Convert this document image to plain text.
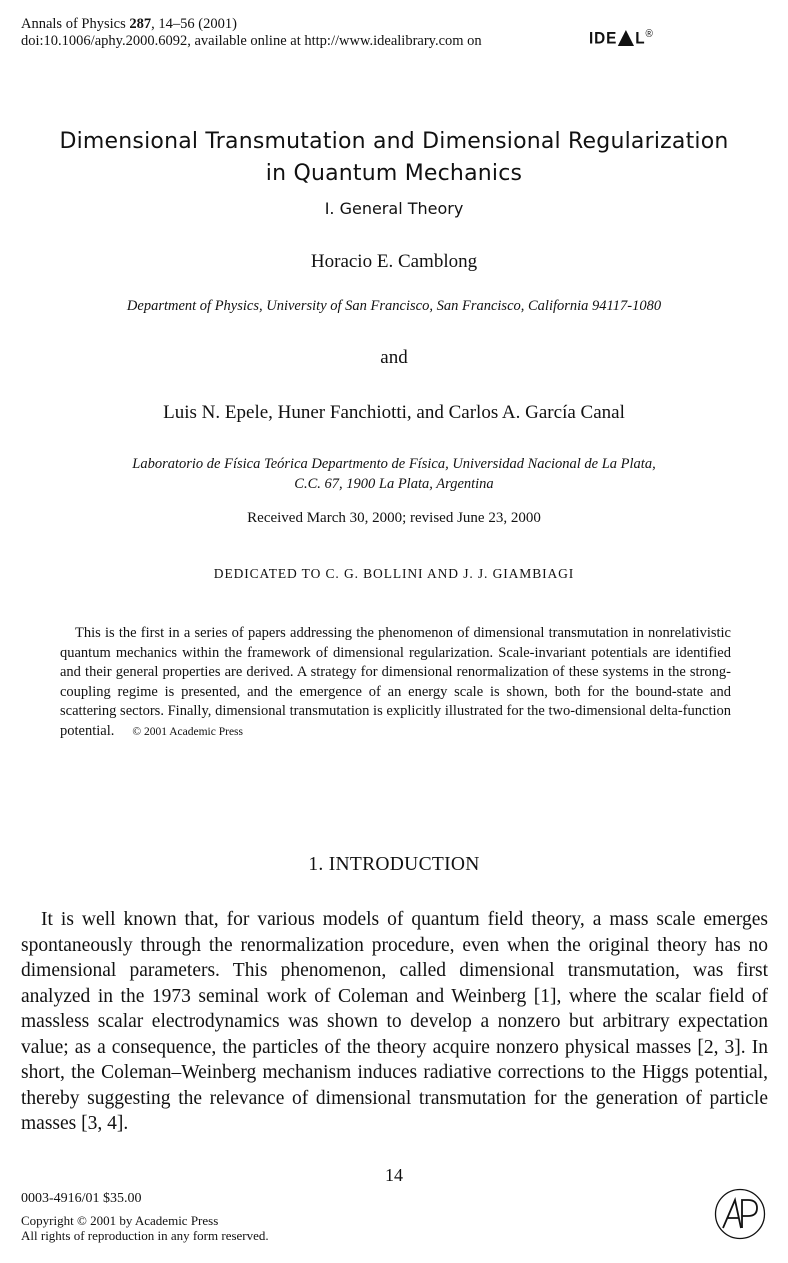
Annals of Physics 287, 14–56 (2001)
doi:10.1006/aphy.2000.6092, available online at http://www.idealibrary.com on	IDE L®
Dimensional Transmutation and Dimensional Regularization
in Quantum Mechanics
I. General Theory
Horacio E. Camblong
Department of Physics, University of San Francisco, San Francisco, California 94117-1080
and
Luis N. Epele, Huner Fanchiotti, and Carlos A. García Canal
Laboratorio de Física Teórica Departmento de Física, Universidad Nacional de La Plata,
C.C. 67, 1900 La Plata, Argentina
Received March 30, 2000; revised June 23, 2000
DEDICATED TO C. G. BOLLINI AND J. J. GIAMBIAGI
This is the first in a series of papers addressing the phenomenon of dimensional transmutation in nonrelativistic quantum mechanics within the framework of dimensional regularization. Scale-invariant potentials are identified and their general properties are derived. A strategy for dimensional renormalization of these systems in the strong-coupling regime is presented, and the emergence of an energy scale is shown, both for the bound-state and scattering sectors. Finally, dimensional transmutation is explicitly illustrated for the two-dimensional delta-function potential. © 2001 Academic Press
1. INTRODUCTION
It is well known that, for various models of quantum field theory, a mass scale emerges spontaneously through the renormalization procedure, even when the original theory has no dimensional parameters. This phenomenon, called dimensional transmutation, was first analyzed in the 1973 seminal work of Coleman and Weinberg [1], where the scalar field of massless scalar electrodynamics was shown to develop a nonzero but arbitrary expectation value; as a consequence, the particles of the theory acquire nonzero physical masses [2, 3]. In short, the Coleman–Weinberg mechanism induces radiative corrections to the Higgs potential, thereby suggesting the relevance of dimensional transmutation for the generation of particle masses [3, 4].
14
0003-4916/01 $35.00
Copyright © 2001 by Academic Press
All rights of reproduction in any form reserved.
